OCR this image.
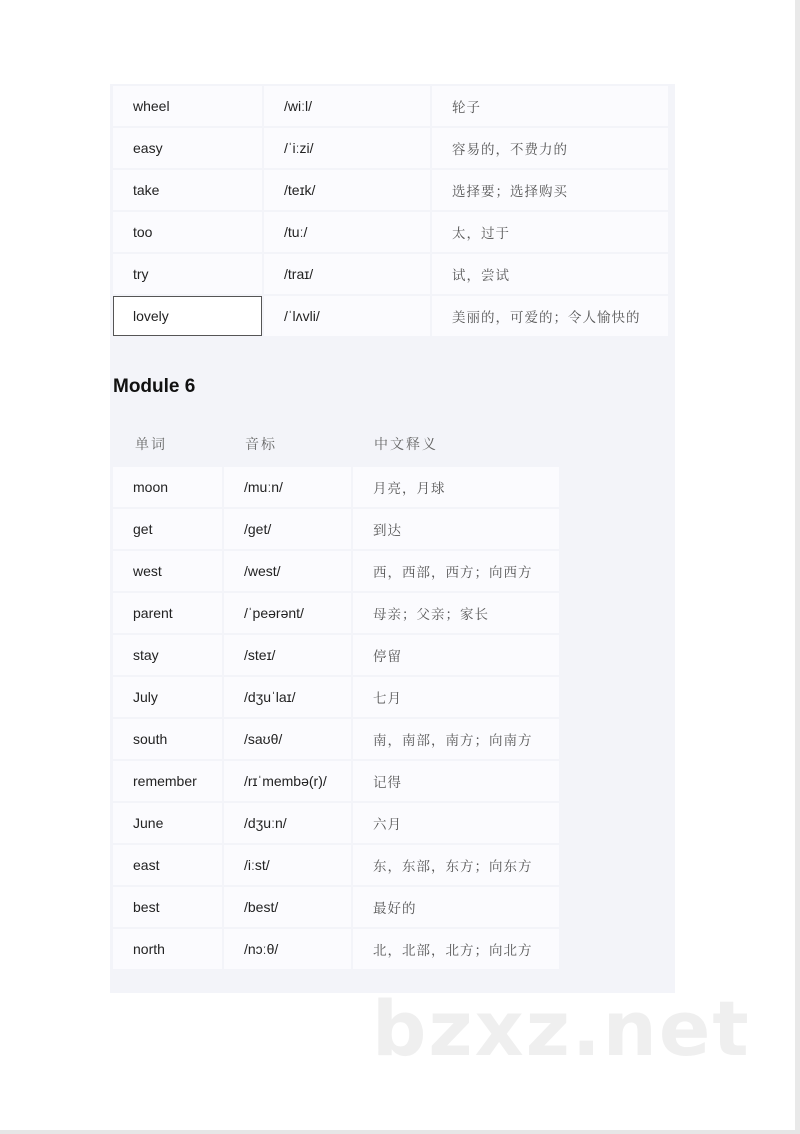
wheel	/wiːl/	轮子
easy	/ˈiːzi/	容易的，不费力的
take	/teɪk/	选择要；选择购买
too	/tuː/	太，过于
try	/traɪ/	试，尝试
lovely	/ˈlʌvli/	美丽的，可爱的；令人愉快的
Module 6
单词	音标	中文释义
moon	/muːn/	月亮，月球
get	/get/	到达
west	/west/	西，西部，西方；向西方
parent	/ˈpeərənt/	母亲；父亲；家长
stay	/steɪ/	停留
July	/dʒuˈlaɪ/	七月
south	/saʊθ/	南，南部，南方；向南方
remember	/rɪˈmembə(r)/	记得
June	/dʒuːn/	六月
east	/iːst/	东，东部，东方；向东方
best	/best/	最好的
north	/nɔːθ/	北，北部，北方；向北方
bzxz.net
